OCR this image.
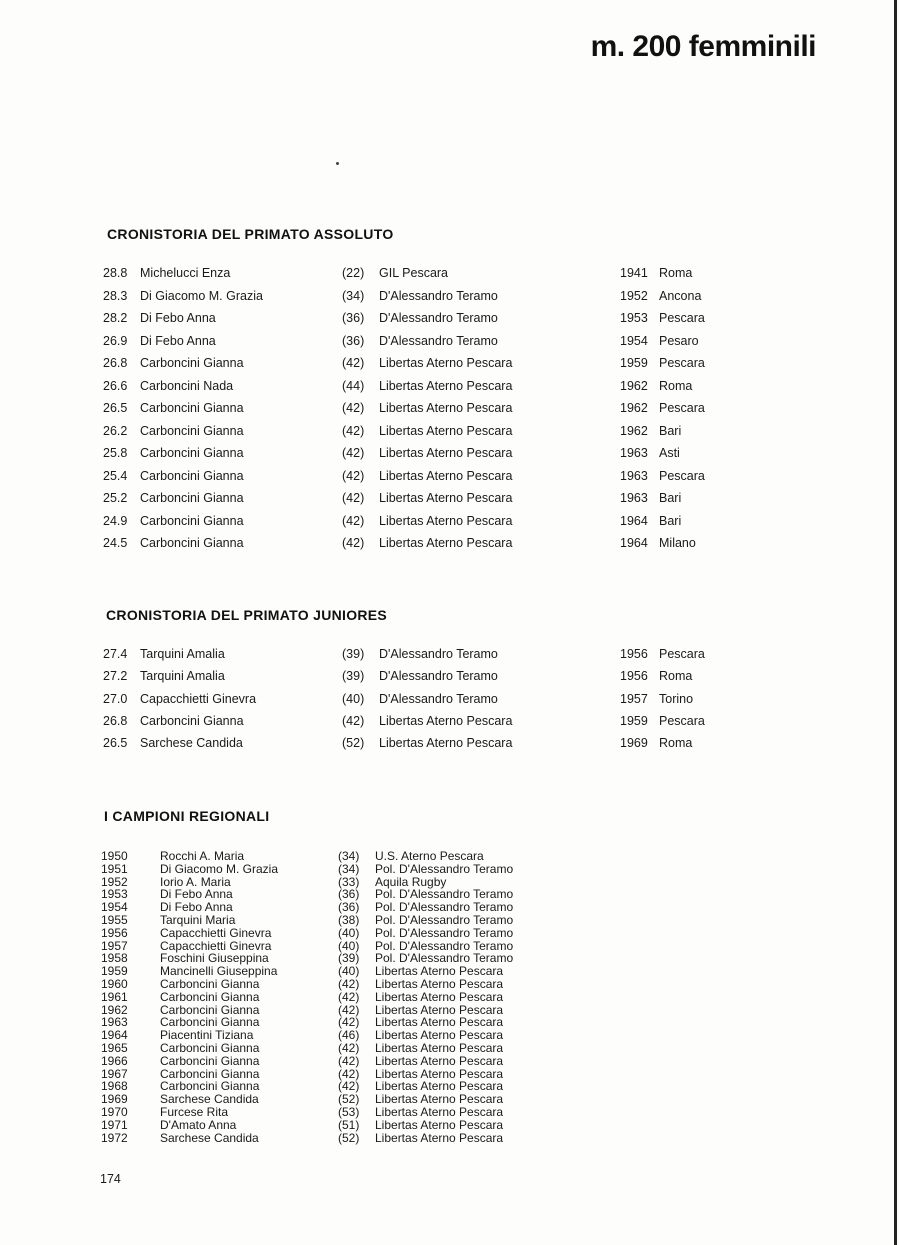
m. 200 femminili
CRONISTORIA DEL PRIMATO ASSOLUTO
28.8 Michelucci Enza	(22) GIL Pescara	1941 Roma
28.3 Di Giacomo M. Grazia	(34) D'Alessandro Teramo	1952 Ancona
28.2 Di Febo Anna	(36) D'Alessandro Teramo	1953 Pescara
26.9 Di Febo Anna	(36) D'Alessandro Teramo	1954 Pesaro
26.8 Carboncini Gianna	(42) Libertas Aterno Pescara	1959 Pescara
26.6 Carboncini Nada	(44) Libertas Aterno Pescara	1962 Roma
26.5 Carboncini Gianna	(42) Libertas Aterno Pescara	1962 Pescara
26.2 Carboncini Gianna	(42) Libertas Aterno Pescara	1962 Bari
25.8 Carboncini Gianna	(42) Libertas Aterno Pescara	1963 Asti
25.4 Carboncini Gianna	(42) Libertas Aterno Pescara	1963 Pescara
25.2 Carboncini Gianna	(42) Libertas Aterno Pescara	1963 Bari
24.9 Carboncini Gianna	(42) Libertas Aterno Pescara	1964 Bari
24.5 Carboncini Gianna	(42) Libertas Aterno Pescara	1964 Milano
CRONISTORIA DEL PRIMATO JUNIORES
27.4 Tarquini Amalia	(39) D'Alessandro Teramo	1956 Pescara
27.2 Tarquini Amalia	(39) D'Alessandro Teramo	1956 Roma
27.0 Capacchietti Ginevra	(40) D'Alessandro Teramo	1957 Torino
26.8 Carboncini Gianna	(42) Libertas Aterno Pescara	1959 Pescara
26.5 Sarchese Candida	(52) Libertas Aterno Pescara	1969 Roma
I CAMPIONI REGIONALI
1950	Rocchi A. Maria	(34) U.S. Aterno Pescara
1951	Di Giacomo M. Grazia	(34) Pol. D'Alessandro Teramo
1952	Iorio A. Maria	(33) Aquila Rugby
1953	Di Febo Anna	(36) Pol. D'Alessandro Teramo
1954	Di Febo Anna	(36) Pol. D'Alessandro Teramo
1955	Tarquini Maria	(38) Pol. D'Alessandro Teramo
1956	Capacchietti Ginevra	(40) Pol. D'Alessandro Teramo
1957	Capacchietti Ginevra	(40) Pol. D'Alessandro Teramo
1958	Foschini Giuseppina	(39) Pol. D'Alessandro Teramo
1959	Mancinelli Giuseppina	(40) Libertas Aterno Pescara
1960	Carboncini Gianna	(42) Libertas Aterno Pescara
1961	Carboncini Gianna	(42) Libertas Aterno Pescara
1962	Carboncini Gianna	(42) Libertas Aterno Pescara
1963	Carboncini Gianna	(42) Libertas Aterno Pescara
1964	Piacentini Tiziana	(46) Libertas Aterno Pescara
1965	Carboncini Gianna	(42) Libertas Aterno Pescara
1966	Carboncini Gianna	(42) Libertas Aterno Pescara
1967	Carboncini Gianna	(42) Libertas Aterno Pescara
1968	Carboncini Gianna	(42) Libertas Aterno Pescara
1969	Sarchese Candida	(52) Libertas Aterno Pescara
1970	Furcese Rita	(53) Libertas Aterno Pescara
1971	D'Amato Anna	(51) Libertas Aterno Pescara
1972	Sarchese Candida	(52) Libertas Aterno Pescara
174
